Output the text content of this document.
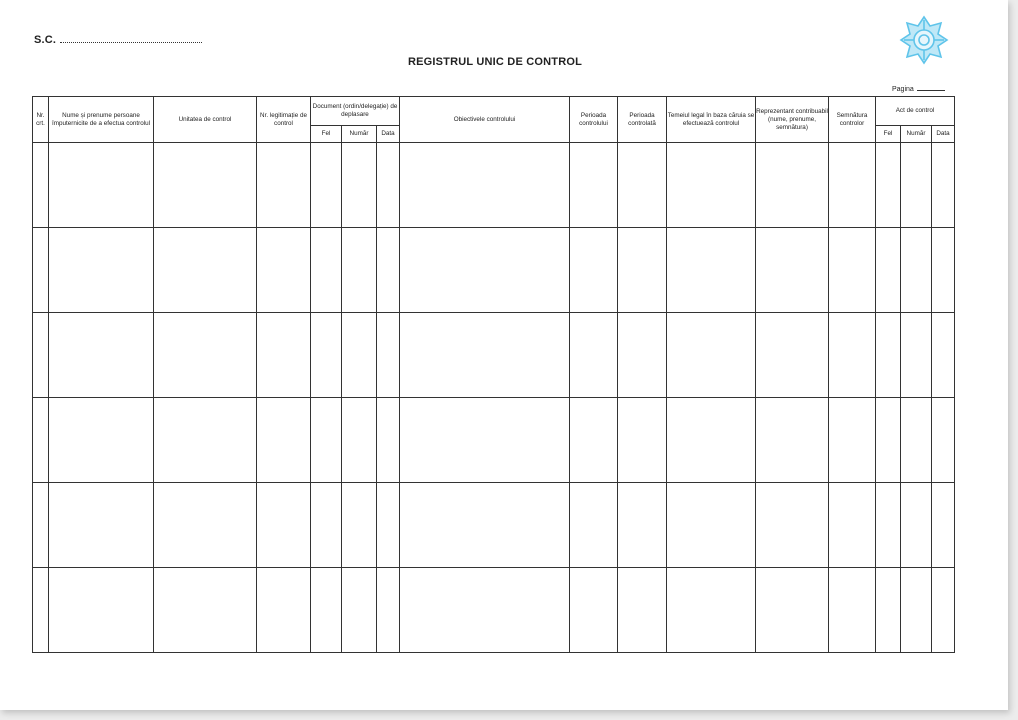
S.C.
REGISTRUL UNIC DE CONTROL
Pagina
Nr. crt.	Nume și prenume persoane împuternicite de a efectua controlul	Unitatea de control	Nr. legitimație de control	Document (ordin/delegație) de deplasare			Obiectivele controlului	Perioada controlului	Perioada controlată	Temeiul legal în baza căruia se efectuează controlul	Reprezentant contribuabil (nume, prenume, semnătura)	Semnătura controlor	Act de control		
				Fel	Număr	Data							Fel	Număr	Data
